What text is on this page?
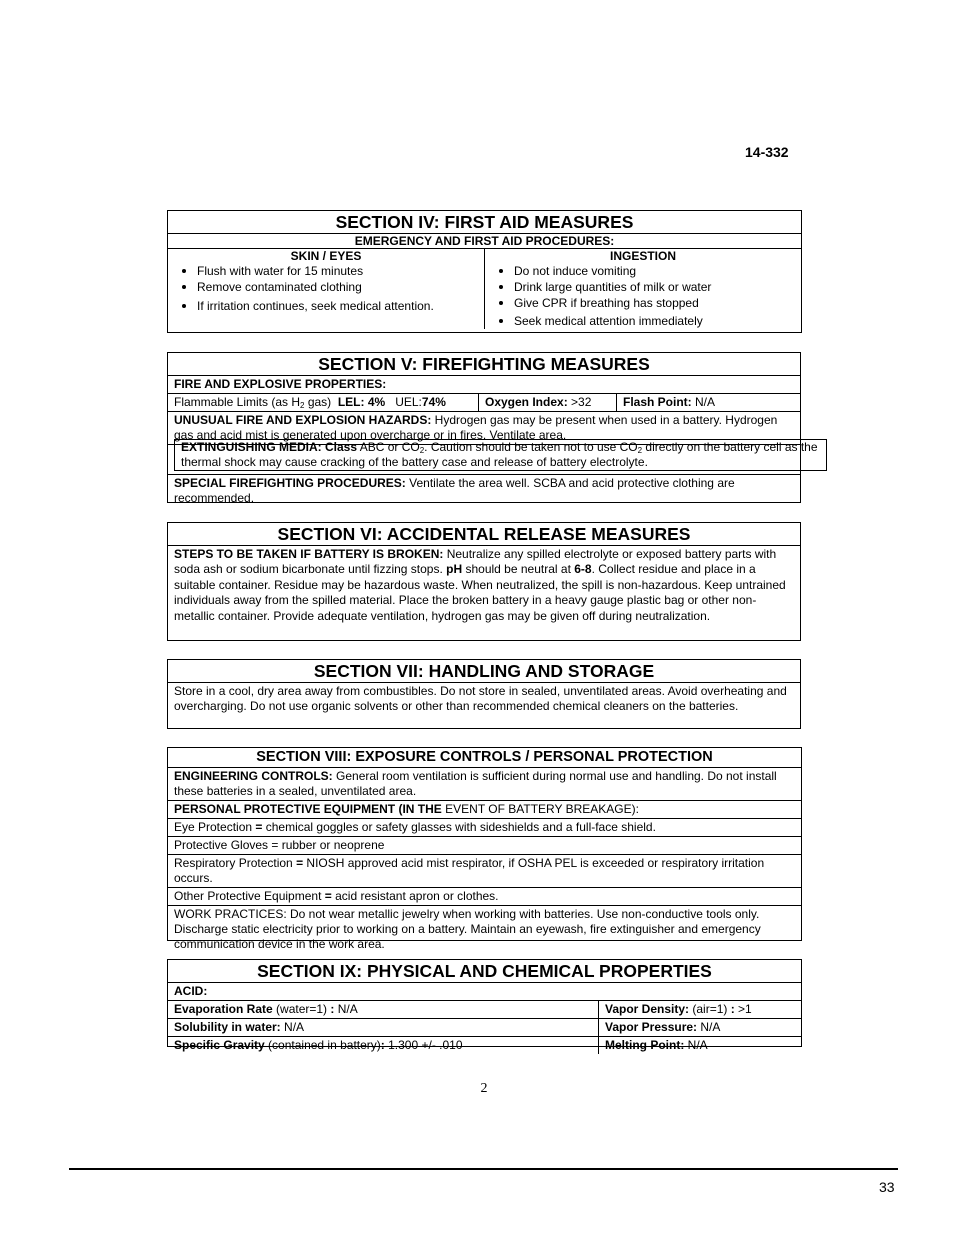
14-332
SECTION IV: FIRST AID MEASURES
EMERGENCY AND FIRST AID PROCEDURES:
SKIN / EYES
• Flush with water for 15 minutes
• Remove contaminated clothing
• If irritation continues, seek medical attention.
INGESTION
• Do not induce vomiting
• Drink large quantities of milk or water
• Give CPR if breathing has stopped
• Seek medical attention immediately
SECTION V: FIREFIGHTING MEASURES
FIRE AND EXPLOSIVE PROPERTIES:
Flammable Limits (as $H_2$ gas) LEL: 4% UEL:74%	Oxygen Index: >32	Flash Point: N/A
UNUSUAL FIRE AND EXPLOSION HAZARDS: Hydrogen gas may be present when used in a battery. Hydrogen gas and acid mist is generated upon overcharge or in fires. Ventilate area.
SPECIAL FIREFIGHTING PROCEDURES: Ventilate the area well. SCBA and acid protective clothing are recommended.
EXTINGUISHING MEDIA: Class ABC or $CO_2$. Caution should be taken not to use $CO_2$ directly on the battery cell as the thermal shock may cause cracking of the battery case and release of battery electrolyte.
SECTION VI: ACCIDENTAL RELEASE MEASURES
STEPS TO BE TAKEN IF BATTERY IS BROKEN: Neutralize any spilled electrolyte or exposed battery parts with soda ash or sodium bicarbonate until fizzing stops. pH should be neutral at 6-8. Collect residue and place in a suitable container. Residue may be hazardous waste. When neutralized, the spill is non-hazardous. Keep untrained individuals away from the spilled material. Place the broken battery in a heavy gauge plastic bag or other non-metallic container. Provide adequate ventilation, hydrogen gas may be given off during neutralization.
SECTION VII: HANDLING AND STORAGE
Store in a cool, dry area away from combustibles. Do not store in sealed, unventilated areas. Avoid overheating and overcharging. Do not use organic solvents or other than recommended chemical cleaners on the batteries.
SECTION VIII: EXPOSURE CONTROLS / PERSONAL PROTECTION
ENGINEERING CONTROLS: General room ventilation is sufficient during normal use and handling. Do not install these batteries in a sealed, unventilated area.
PERSONAL PROTECTIVE EQUIPMENT (IN THE EVENT OF BATTERY BREAKAGE):
Eye Protection = chemical goggles or safety glasses with sideshields and a full-face shield.
Protective Gloves = rubber or neoprene
Respiratory Protection = NIOSH approved acid mist respirator, if OSHA PEL is exceeded or respiratory irritation occurs.
Other Protective Equipment = acid resistant apron or clothes.
WORK PRACTICES: Do not wear metallic jewelry when working with batteries. Use non-conductive tools only. Discharge static electricity prior to working on a battery. Maintain an eyewash, fire extinguisher and emergency communication device in the work area.
SECTION IX: PHYSICAL AND CHEMICAL PROPERTIES
ACID:
Evaporation Rate (water=1) : N/A	Vapor Density: (air=1) : >1
Solubility in water: N/A	Vapor Pressure: N/A
Specific Gravity (contained in battery): 1.300 +/- .010	Melting Point: N/A
2
33
